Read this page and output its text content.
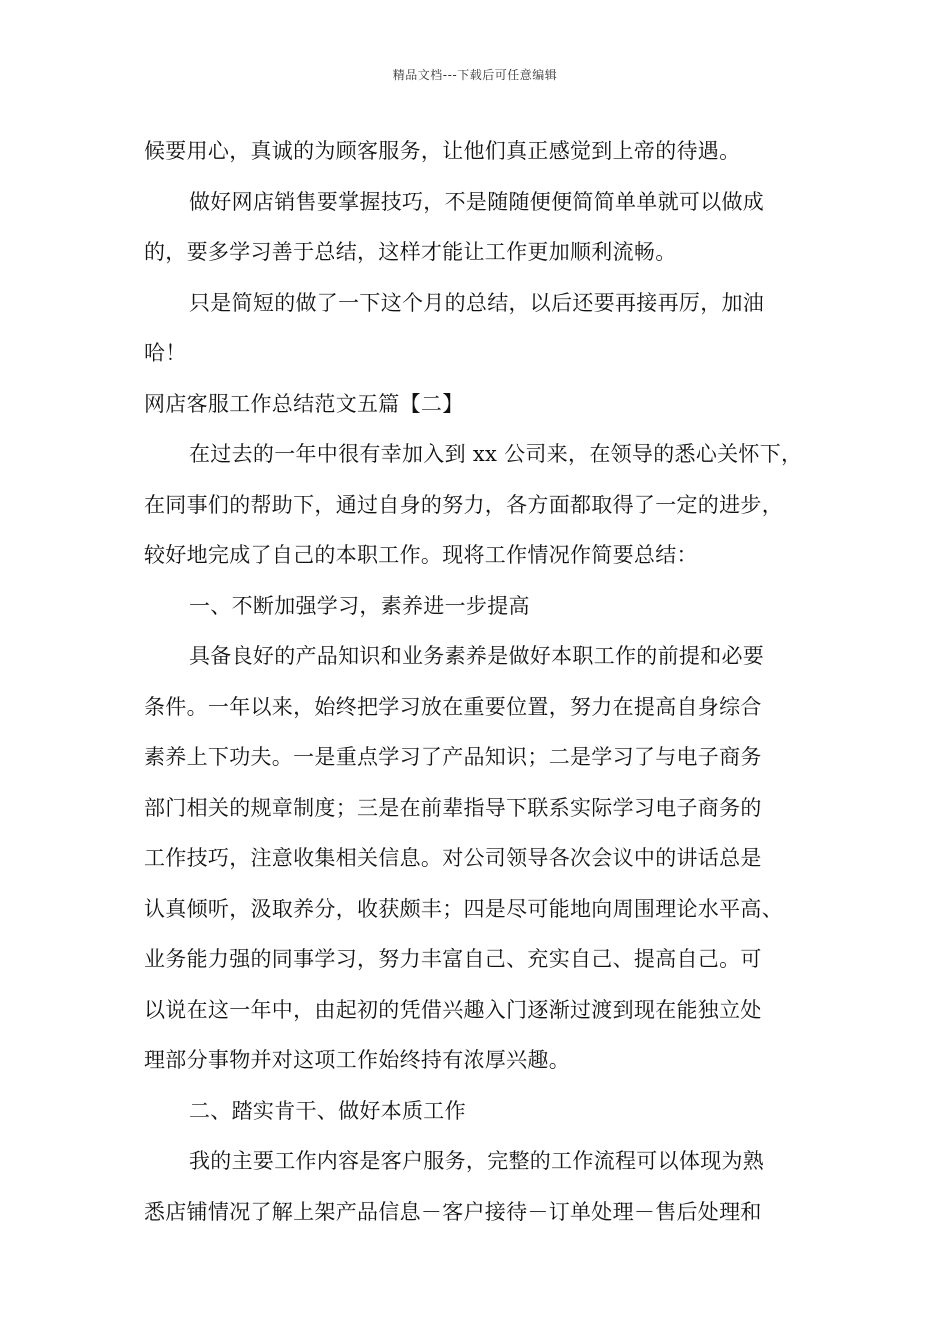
精品文档---下载后可任意编辑
候要用心，真诚的为顾客服务，让他们真正感觉到上帝的待遇。
做好网店销售要掌握技巧，不是随随便便简简单单就可以做成
的，要多学习善于总结，这样才能让工作更加顺利流畅。
只是简短的做了一下这个月的总结，以后还要再接再厉，加油
哈！
网店客服工作总结范文五篇【二】
在过去的一年中很有幸加入到 xx 公司来，在领导的悉心关怀下，
在同事们的帮助下，通过自身的努力，各方面都取得了一定的进步，
较好地完成了自己的本职工作。现将工作情况作简要总结：
一、不断加强学习，素养进一步提高
具备良好的产品知识和业务素养是做好本职工作的前提和必要
条件。一年以来，始终把学习放在重要位置，努力在提高自身综合
素养上下功夫。一是重点学习了产品知识；二是学习了与电子商务
部门相关的规章制度；三是在前辈指导下联系实际学习电子商务的
工作技巧，注意收集相关信息。对公司领导各次会议中的讲话总是
认真倾听，汲取养分，收获颇丰；四是尽可能地向周围理论水平高、
业务能力强的同事学习，努力丰富自己、充实自己、提高自己。可
以说在这一年中，由起初的凭借兴趣入门逐渐过渡到现在能独立处
理部分事物并对这项工作始终持有浓厚兴趣。
二、踏实肯干、做好本质工作
我的主要工作内容是客户服务，完整的工作流程可以体现为熟
悉店铺情况了解上架产品信息－客户接待－订单处理－售后处理和
